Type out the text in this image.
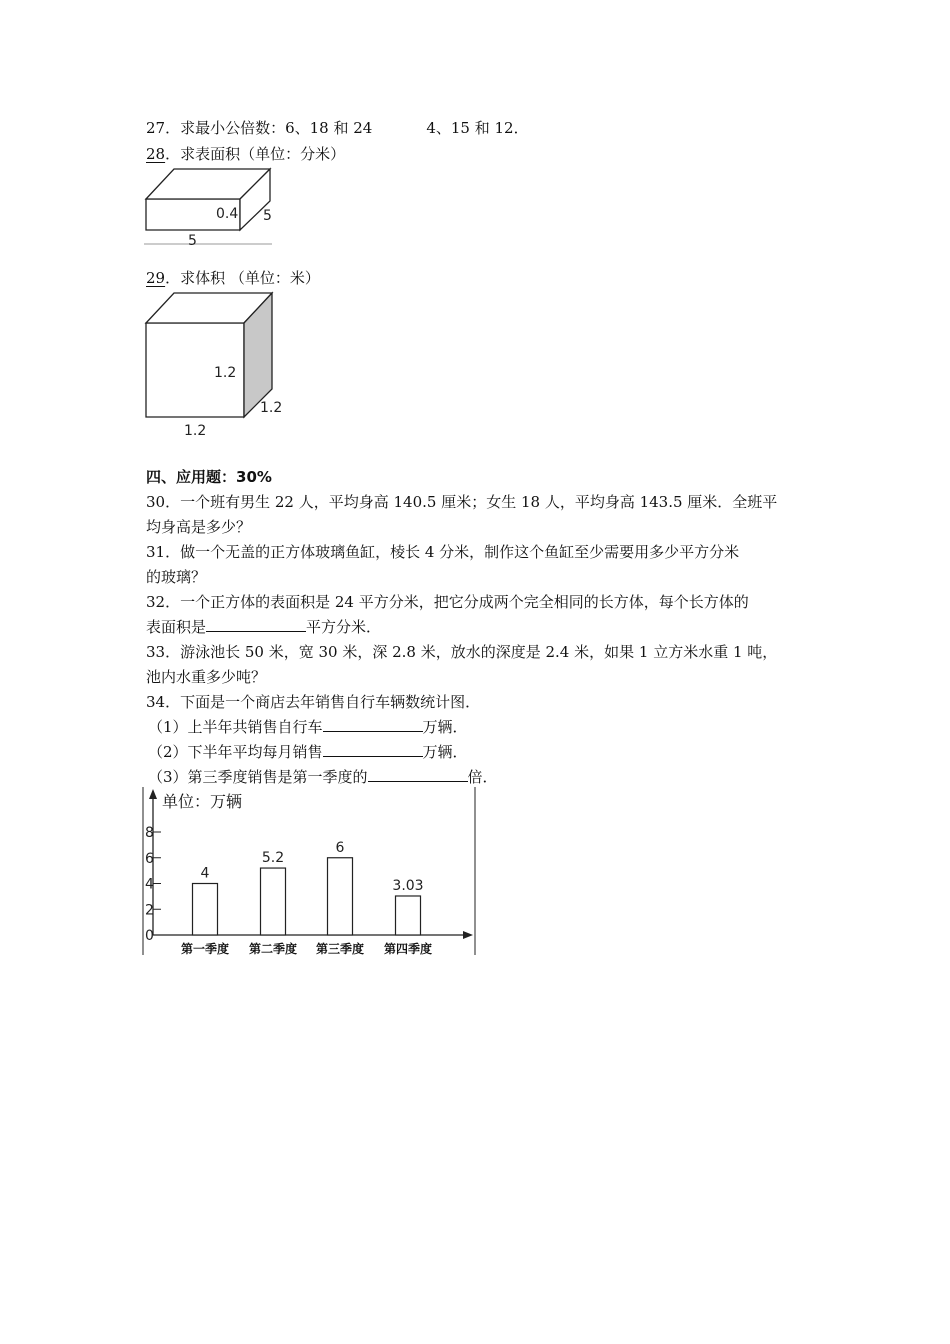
27．求最小公倍数：6、18 和 24	4、15 和 12．
28．求表面积（单位：分米）
0.4 5
5
29．求体积 （单位：米）
1.2
1.2
1.2
四、应用题：30%
30．一个班有男生 22 人，平均身高 140.5 厘米；女生 18 人，平均身高 143.5 厘米．全班平
均身高是多少？
31．做一个无盖的正方体玻璃鱼缸，棱长 4 分米，制作这个鱼缸至少需要用多少平方分米
的玻璃？
32．一个正方体的表面积是 24 平方分米，把它分成两个完全相同的长方体，每个长方体的
表面积是	平方分米．
33．游泳池长 50 米，宽 30 米，深 2.8 米，放水的深度是 2.4 米，如果 1 立方米水重 1 吨，
池内水重多少吨？
34．下面是一个商店去年销售自行车辆数统计图．
（1）上半年共销售自行车	万辆．
（2）下半年平均每月销售	万辆．
（3）第三季度销售是第一季度的	倍．
单位：万辆
0
2
4
6
8
4
第一季度
5.2
第二季度
6
第三季度
3.03
第四季度
